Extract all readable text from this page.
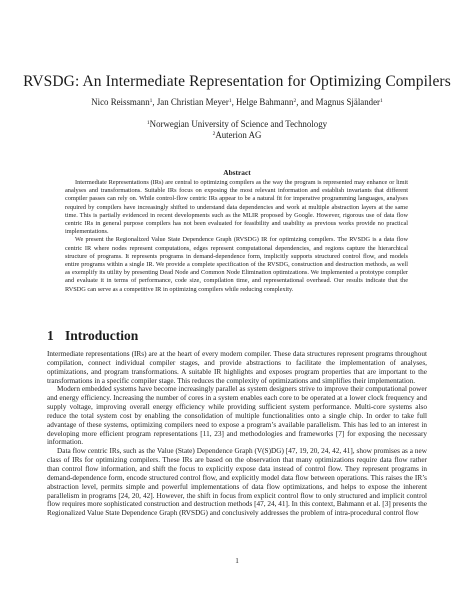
RVSDG: An Intermediate Representation for Optimizing Compilers
Nico Reissmann$^1$, Jan Christian Meyer$^1$, Helge Bahmann$^2$, and Magnus Själander$^1$
$^1$Norwegian University of Science and Technology
$^2$Auterion AG
Abstract

Intermediate Representations (IRs) are central to optimizing compilers as the way the program is represented may enhance or limit analyses and transformations. Suitable IRs focus on exposing the most relevant information and establish invariants that different compiler passes can rely on. While control-flow centric IRs appear to be a natural fit for imperative programming languages, analyses required by compilers have increasingly shifted to understand data dependencies and work at multiple abstraction layers at the same time. This is partially evidenced in recent developments such as the MLIR proposed by Google. However, rigorous use of data flow centric IRs in general purpose compilers has not been evaluated for feasibility and usability as previous works provide no practical implementations.

We present the Regionalized Value State Dependence Graph (RVSDG) IR for optimizing compilers. The RVSDG is a data flow centric IR where nodes represent computations, edges represent computational dependencies, and regions capture the hierarchical structure of programs. It represents programs in demand-dependence form, implicitly supports structured control flow, and models entire programs within a single IR. We provide a complete specification of the RVSDG, construction and destruction methods, as well as exemplify its utility by presenting Dead Node and Common Node Elimination optimizations. We implemented a prototype compiler and evaluate it in terms of performance, code size, compilation time, and representational overhead. Our results indicate that the RVSDG can serve as a competitive IR in optimizing compilers while reducing complexity.

1 Introduction

Intermediate representations (IRs) are at the heart of every modern compiler. These data structures represent programs throughout compilation, connect individual compiler stages, and provide abstractions to facilitate the implementation of analyses, optimizations, and program transformations. A suitable IR highlights and exposes program properties that are important to the transformations in a specific compiler stage. This reduces the complexity of optimizations and simplifies their implementation.

Modern embedded systems have become increasingly parallel as system designers strive to improve their computational power and energy efficiency. Increasing the number of cores in a system enables each core to be operated at a lower clock frequency and supply voltage, improving overall energy efficiency while providing sufficient system performance. Multi-core systems also reduce the total system cost by enabling the consolidation of multiple functionalities onto a single chip. In order to take full advantage of these systems, optimizing compilers need to expose a program’s available parallelism. This has led to an interest in developing more efficient program representations [11, 23] and methodologies and frameworks [7] for exposing the necessary information.

Data flow centric IRs, such as the Value (State) Dependence Graph (V(S)DG) [47, 19, 20, 24, 42, 41], show promises as a new class of IRs for optimizing compilers. These IRs are based on the observation that many optimizations require data flow rather than control flow information, and shift the focus to explicitly expose data instead of control flow. They represent programs in demand-dependence form, encode structured control flow, and explicitly model data flow between operations. This raises the IR’s abstraction level, permits simple and powerful implementations of data flow optimizations, and helps to expose the inherent parallelism in programs [24, 20, 42]. However, the shift in focus from explicit control flow to only structured and implicit control flow requires more sophisticated construction and destruction methods [47, 24, 41]. In this context, Bahmann et al. [3] presents the Regionalized Value State Dependence Graph (RVSDG) and conclusively addresses the problem of intra-procedural control flow

1
